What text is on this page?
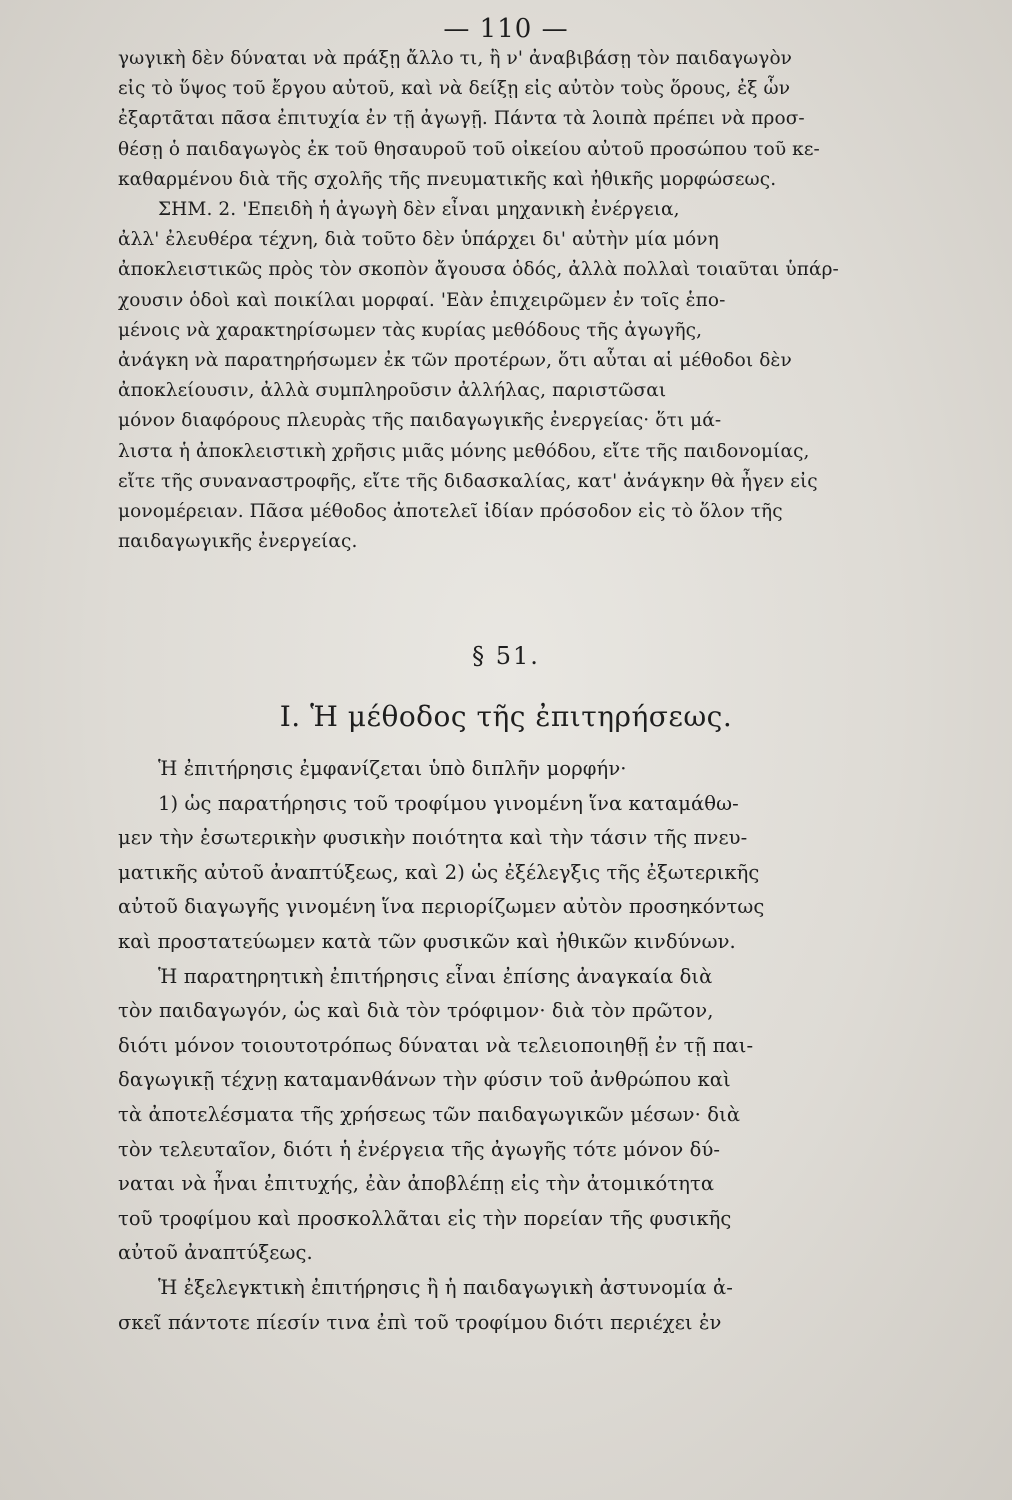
— 110 —
γωγικὴ δὲν δύναται νὰ πράξῃ ἄλλο τι, ἢ ν' ἀναβιβάσῃ τὸν παιδαγωγὸν
εἰς τὸ ὕψος τοῦ ἔργου αὐτοῦ, καὶ νὰ δείξῃ εἰς αὐτὸν τοὺς ὅρους, ἐξ ὧν
ἐξαρτᾶται πᾶσα ἐπιτυχία ἐν τῇ ἀγωγῇ. Πάντα τὰ λοιπὰ πρέπει νὰ προσ-
θέσῃ ὁ παιδαγωγὸς ἐκ τοῦ θησαυροῦ τοῦ οἰκείου αὐτοῦ προσώπου τοῦ κε-
καθαρμένου διὰ τῆς σχολῆς τῆς πνευματικῆς καὶ ἠθικῆς μορφώσεως.
ΣΗΜ. 2. 'Επειδὴ ἡ ἀγωγὴ δὲν εἶναι μηχανικὴ ἐνέργεια,
ἀλλ' ἐλευθέρα τέχνη, διὰ τοῦτο δὲν ὑπάρχει δι' αὐτὴν μία μόνη
ἀποκλειστικῶς πρὸς τὸν σκοπὸν ἄγουσα ὁδός, ἀλλὰ πολλαὶ τοιαῦται ὑπάρ-
χουσιν ὁδοὶ καὶ ποικίλαι μορφαί. 'Εὰν ἐπιχειρῶμεν ἐν τοῖς ἑπο-
μένοις νὰ χαρακτηρίσωμεν τὰς κυρίας μεθόδους τῆς ἀγωγῆς,
ἀνάγκη νὰ παρατηρήσωμεν ἐκ τῶν προτέρων, ὅτι αὗται αἱ μέθοδοι δὲν
ἀποκλείουσιν, ἀλλὰ συμπληροῦσιν ἀλλήλας, παριστῶσαι
μόνον διαφόρους πλευρὰς τῆς παιδαγωγικῆς ἐνεργείας· ὅτι μά-
λιστα ἡ ἀποκλειστικὴ χρῆσις μιᾶς μόνης μεθόδου, εἴτε τῆς παιδονομίας,
εἴτε τῆς συναναστροφῆς, εἴτε τῆς διδασκαλίας, κατ' ἀνάγκην θὰ ἦγεν εἰς
μονομέρειαν. Πᾶσα μέθοδος ἀποτελεῖ ἰδίαν πρόσοδον εἰς τὸ ὅλον τῆς
παιδαγωγικῆς ἐνεργείας.
§ 51.
I. Ἡ μέθοδος τῆς ἐπιτηρήσεως.
Ἡ ἐπιτήρησις ἐμφανίζεται ὑπὸ διπλῆν μορφήν·
1) ὡς παρατήρησις τοῦ τροφίμου γινομένη ἵνα καταμάθω-
μεν τὴν ἐσωτερικὴν φυσικὴν ποιότητα καὶ τὴν τάσιν τῆς πνευ-
ματικῆς αὐτοῦ ἀναπτύξεως, καὶ 2) ὡς ἐξέλεγξις τῆς ἐξωτερικῆς
αὐτοῦ διαγωγῆς γινομένη ἵνα περιορίζωμεν αὐτὸν προσηκόντως
καὶ προστατεύωμεν κατὰ τῶν φυσικῶν καὶ ἠθικῶν κινδύνων.
Ἡ παρατηρητικὴ ἐπιτήρησις εἶναι ἐπίσης ἀναγκαία διὰ
τὸν παιδαγωγόν, ὡς καὶ διὰ τὸν τρόφιμον· διὰ τὸν πρῶτον,
διότι μόνον τοιουτοτρόπως δύναται νὰ τελειοποιηθῇ ἐν τῇ παι-
δαγωγικῇ τέχνῃ καταμανθάνων τὴν φύσιν τοῦ ἀνθρώπου καὶ
τὰ ἀποτελέσματα τῆς χρήσεως τῶν παιδαγωγικῶν μέσων· διὰ
τὸν τελευταῖον, διότι ἡ ἐνέργεια τῆς ἀγωγῆς τότε μόνον δύ-
ναται νὰ ἦναι ἐπιτυχής, ἐὰν ἀποβλέπῃ εἰς τὴν ἀτομικότητα
τοῦ τροφίμου καὶ προσκολλᾶται εἰς τὴν πορείαν τῆς φυσικῆς
αὐτοῦ ἀναπτύξεως.
Ἡ ἐξελεγκτικὴ ἐπιτήρησις ἢ ἡ παιδαγωγικὴ ἀστυνομία ἀ-
σκεῖ πάντοτε πίεσίν τινα ἐπὶ τοῦ τροφίμου διότι περιέχει ἐν
